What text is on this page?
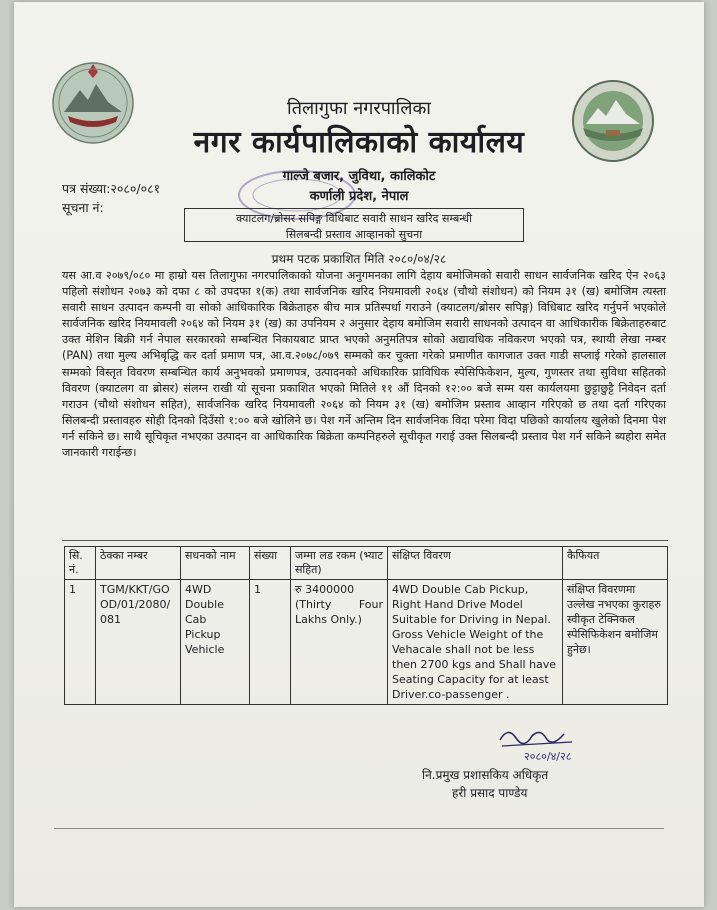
तिलागुफा नगरपालिका
नगर कार्यपालिकाको कार्यालय
गाल्जे बजार, जुविथा, कालिकोट
कर्णाली प्रदेश, नेपाल
पत्र संख्या:२०८०/०८१
सूचना नं:
क्याटलग/ब्रोसर सपिङ्ग विधिबाट सवारी साधन खरिद सम्बन्धी
सिलबन्दी प्रस्ताव आव्हानको सुचना
प्रथम पटक प्रकाशित मिति २०८०/०४/२८
यस आ.व २०७९/०८० मा हाम्रो यस तिलागुफा नगरपालिकाको योजना अनुगमनका लागि देहाय बमोजिमको सवारी साधन सार्वजनिक खरिद ऐन २०६३ पहिलो संशोधन २०७३ को दफा ८ को उपदफा १(क) तथा सार्वजनिक खरिद नियमावली २०६४ (चौथो संशोधन) को नियम ३१ (ख) बमोजिम त्यस्ता सवारी साधन उत्पादन कम्पनी वा सोको आधिकारिक बिक्रेताहरु बीच मात्र प्रतिस्पर्धा गराउने (क्याटलग/ब्रोसर सपिङ्ग) विधिबाट खरिद गर्नुपर्ने भएकोले सार्वजनिक खरिद नियमावली २०६४ को नियम ३१ (ख) का उपनियम २ अनुसार देहाय बमोजिम सवारी साधनको उत्पादन वा आधिकारीक बिक्रेताहरुबाट उक्त मेशिन बिक्री गर्न नेपाल सरकारको सम्बन्धित निकायबाट प्राप्त भएको अनुमतिपत्र सोको अद्यावधिक नविकरण भएको पत्र, स्थायी लेखा नम्बर (PAN) तथा मुल्य अभिबृद्धि कर दर्ता प्रमाण पत्र, आ.व.२०७८/०७९ सम्मको कर चुक्ता गरेको प्रमाणीत कागजात उक्त गाडी सप्लाई गरेको हालसाल सम्मको विस्तृत विवरण सम्बन्धित कार्य अनुभवको प्रमाणपत्र, उत्पादनको अधिकारिक प्राविधिक स्पेसिफिकेशन, मुल्य, गुणस्तर तथा सुविधा सहितको विवरण (क्याटलग वा ब्रोसर) संलग्न राखी यो सूचना प्रकाशित भएको मितिले ११ औं दिनको १२:०० बजे सम्म यस कार्यलयमा छुट्टाछुट्टै निवेदन दर्ता गराउन (चौथो संशोधन सहित), सार्वजनिक खरिद नियमावली २०६४ को नियम ३१ (ख) बमोजिम प्रस्ताव आव्हान गरिएको छ तथा दर्ता गरिएका सिलबन्दी प्रस्तावहरु सोही दिनको दिउँसो १:०० बजे खोलिने छ। पेश गर्ने अन्तिम दिन सार्वजनिक विदा परेमा विदा पछिको कार्यालय खुलेको दिनमा पेश गर्न सकिने छ। साथै सूचिकृत नभएका उत्पादन वा आधिकारिक बिक्रेता कम्पनिहरुले सूचीकृत गराई उक्त सिलबन्दी प्रस्ताव पेश गर्न सकिने ब्यहोरा समेत जानकारी गराईन्छ।
सि. नं.	ठेक्का नम्बर	सधनको नाम	संख्या	जम्मा लड रकम (भ्याट सहित)	संक्षिप्त विवरण	कैफियत
1	TGM/KKT/GOOD/01/2080/081	4WD Double Cab Pickup Vehicle	1	रु 3400000
(Thirty Four Lakhs Only.)	4WD Double Cab Pickup, Right Hand Drive Model Suitable for Driving in Nepal. Gross Vehicle Weight of the Vehacale shall not be less then 2700 kgs and Shall have Seating Capacity for at least Driver.co-passenger .	संक्षिप्त विवरणमा उल्लेख नभएका कुराहरु स्वीकृत टेक्निकल स्पेसिफिकेशन बमोजिम हुनेछ।
२०८०/४/२८
नि.प्रमुख प्रशासकिय अधिकृत
हरी प्रसाद पाण्डेय
